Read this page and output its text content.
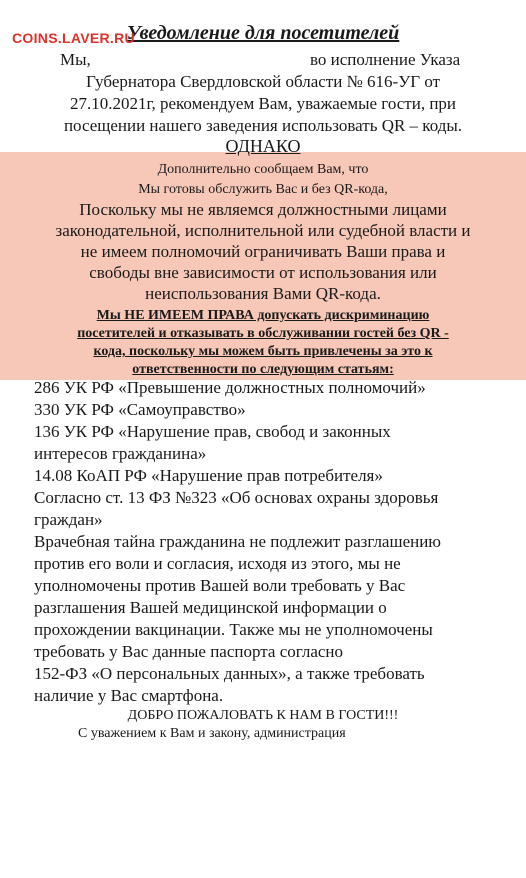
COINS.LAVER.RU
Уведомление для посетителей
Мы,	во исполнение Указа
Губернатора Свердловской области № 616-УГ от
27.10.2021г, рекомендуем Вам, уважаемые гости, при
посещении нашего заведения использовать QR – коды.
ОДНАКО
Дополнительно сообщаем Вам, что
Мы готовы обслужить Вас и без QR-кода,
Поскольку мы не являемся должностными лицами
законодательной, исполнительной или судебной власти и
не имеем полномочий ограничивать Ваши права и
свободы вне зависимости от использования или
неиспользования Вами QR-кода.
Мы НЕ ИМЕЕМ ПРАВА допускать дискриминацию
посетителей и отказывать в обслуживании гостей без QR -
кода, поскольку мы можем быть привлечены за это к
ответственности по следующим статьям:
286 УК РФ «Превышение должностных полномочий»
330 УК РФ «Самоуправство»
136 УК РФ «Нарушение прав, свобод и законных
интересов гражданина»
14.08 КоАП РФ «Нарушение прав потребителя»
Согласно ст. 13 ФЗ №323 «Об основах охраны здоровья
граждан»
Врачебная тайна гражданина не подлежит разглашению
против его воли и согласия, исходя из этого, мы не
уполномочены против Вашей воли требовать у Вас
разглашения Вашей медицинской информации о
прохождении вакцинации. Также мы не уполномочены
требовать у Вас данные паспорта согласно
152-ФЗ «О персональных данных», а также требовать
наличие у Вас смартфона.
ДОБРО ПОЖАЛОВАТЬ К НАМ В ГОСТИ!!!
С уважением к Вам и закону, администрация
